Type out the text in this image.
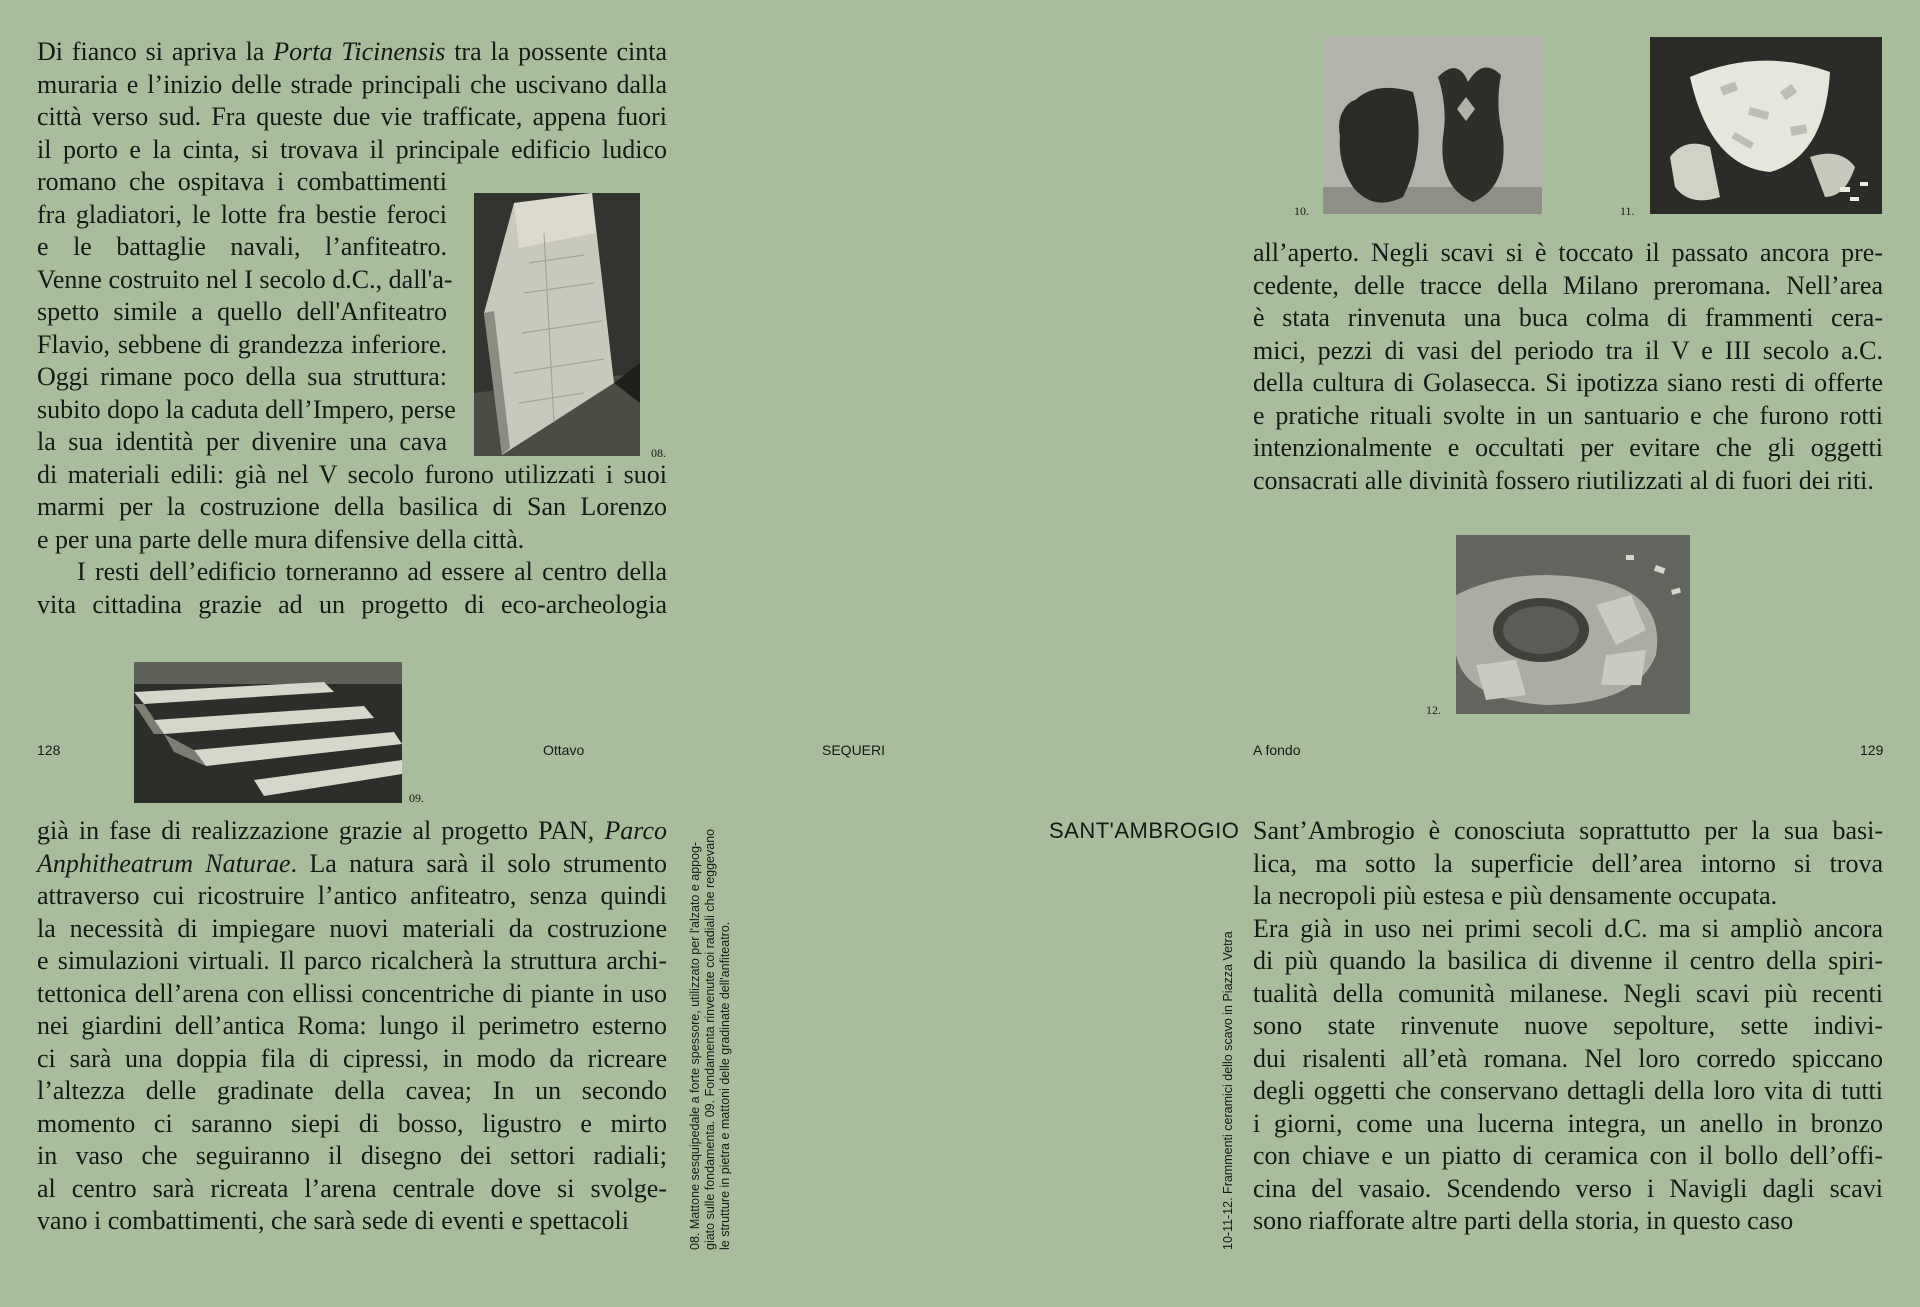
Di fianco si apriva la Porta Ticinensis tra la possente cinta
muraria e l’inizio delle strade principali che uscivano dalla
città verso sud. Fra queste due vie trafficate, appena fuori
il porto e la cinta, si trovava il principale edificio ludico
romano che ospitava i combattimenti
fra gladiatori, le lotte fra bestie feroci
e le battaglie navali, l’anfiteatro.
Venne costruito nel I secolo d.C., dall'a-
spetto simile a quello dell'Anfiteatro
Flavio, sebbene di grandezza inferiore.
Oggi rimane poco della sua struttura:
subito dopo la caduta dell’Impero, perse
la sua identità per divenire una cava
di materiali edili: già nel V secolo furono utilizzati i suoi
marmi per la costruzione della basilica di San Lorenzo
e per una parte delle mura difensive della città.
I resti dell’edificio torneranno ad essere al centro della
vita cittadina grazie ad un progetto di eco-archeologia
08.
09.
128	Ottavo	SEQUERI	A fondo	129
già in fase di realizzazione grazie al progetto PAN, Parco
Anphitheatrum Naturae. La natura sarà il solo strumento
attraverso cui ricostruire l’antico anfiteatro, senza quindi
la necessità di impiegare nuovi materiali da costruzione
e simulazioni virtuali. Il parco ricalcherà la struttura archi-
tettonica dell’arena con ellissi concentriche di piante in uso
nei giardini dell’antica Roma: lungo il perimetro esterno
ci sarà una doppia fila di cipressi, in modo da ricreare
l’altezza delle gradinate della cavea; In un secondo
momento ci saranno siepi di bosso, ligustro e mirto
in vaso che seguiranno il disegno dei settori radiali;
al centro sarà ricreata l’arena centrale dove si svolge-
vano i combattimenti, che sarà sede di eventi e spettacoli	08. Mattone sesquipedale a forte spessore, utilizzato per l'alzato e appog- giato sulle fondamenta. 09. Fondamenta rinvenute coi radiali che reggevano le strutture in pietra e mattoni delle gradinate dell'anfiteatro.
10.	11.
all’aperto. Negli scavi si è toccato il passato ancora pre-
cedente, delle tracce della Milano preromana. Nell’area
è stata rinvenuta una buca colma di frammenti cera-
mici, pezzi di vasi del periodo tra il V e III secolo a.C.
della cultura di Golasecca. Si ipotizza siano resti di offerte
e pratiche rituali svolte in un santuario e che furono rotti
intenzionalmente e occultati per evitare che gli oggetti
consacrati alle divinità fossero riutilizzati al di fuori dei riti.
12.
SANT'AMBROGIO
10-11-12. Frammenti ceramici dello scavo in Piazza Vetra
Sant’Ambrogio è conosciuta soprattutto per la sua basi-
lica, ma sotto la superficie dell’area intorno si trova
la necropoli più estesa e più densamente occupata.
Era già in uso nei primi secoli d.C. ma si ampliò ancora
di più quando la basilica di divenne il centro della spiri-
tualità della comunità milanese. Negli scavi più recenti
sono state rinvenute nuove sepolture, sette indivi-
dui risalenti all’età romana. Nel loro corredo spiccano
degli oggetti che conservano dettagli della loro vita di tutti
i giorni, come una lucerna integra, un anello in bronzo
con chiave e un piatto di ceramica con il bollo dell’offi-
cina del vasaio. Scendendo verso i Navigli dagli scavi
sono riafforate altre parti della storia, in questo caso
